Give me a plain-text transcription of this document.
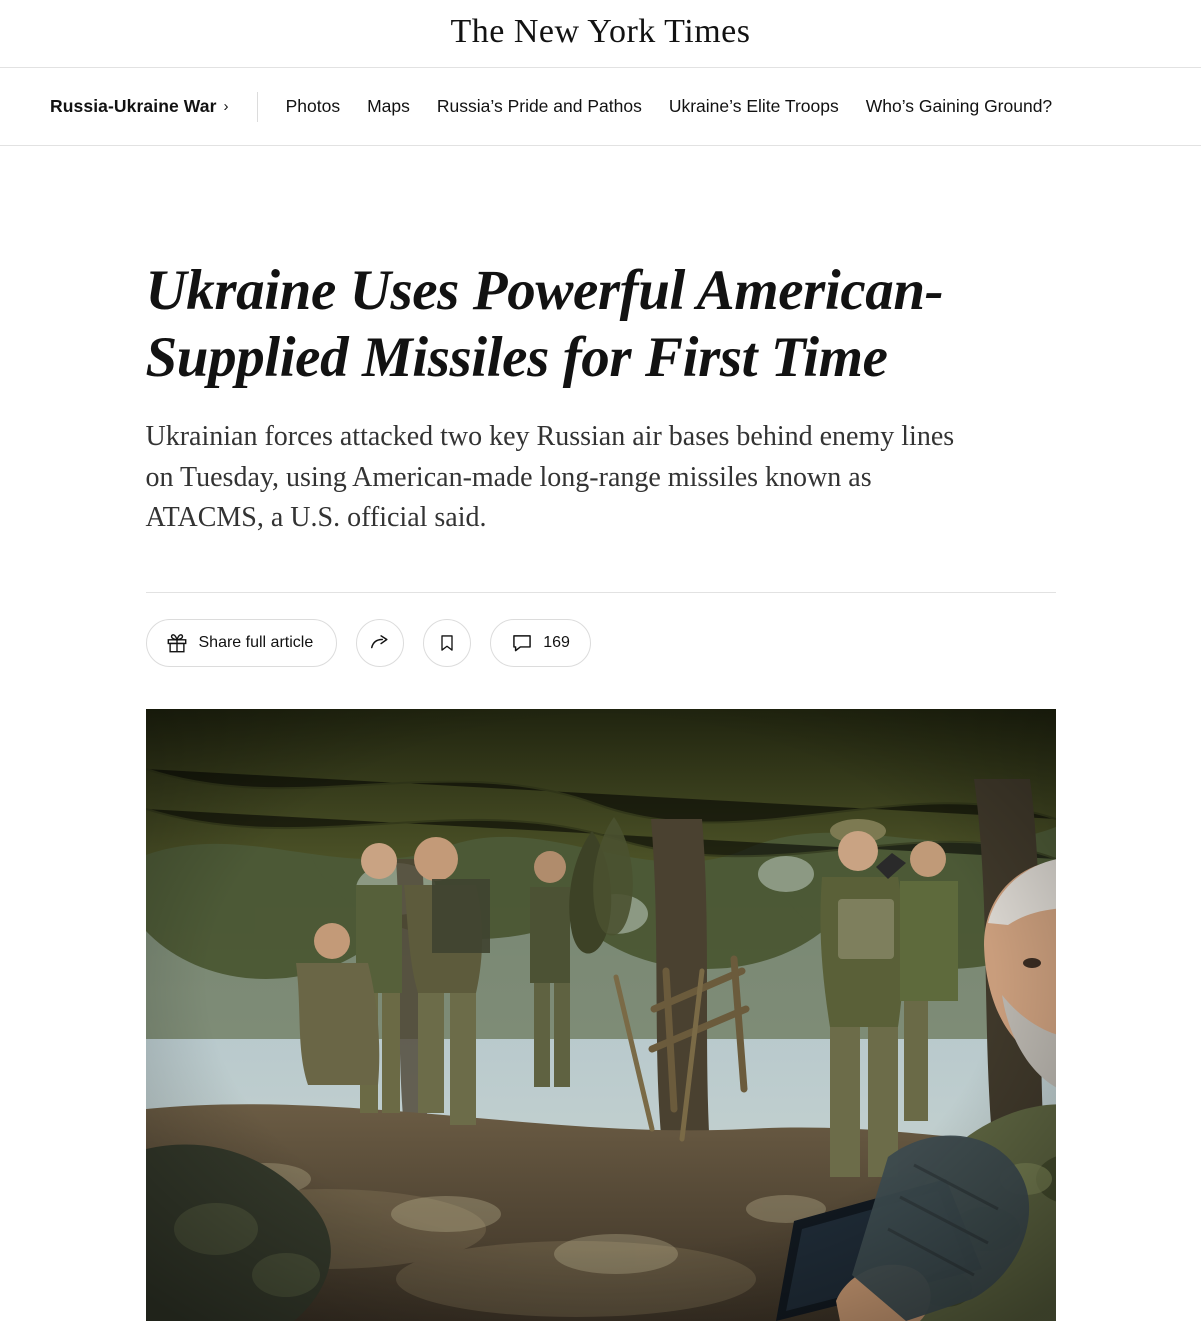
The New York Times
Russia-Ukraine War ›	Photos	Maps	Russia’s Pride and Pathos	Ukraine’s Elite Troops	Who’s Gaining Ground?
Ukraine Uses Powerful American-Supplied Missiles for First Time

Ukrainian forces attacked two key Russian air bases behind enemy lines on Tuesday, using American-made long-range missiles known as ATACMS, a U.S. official said.

Share full article	169
